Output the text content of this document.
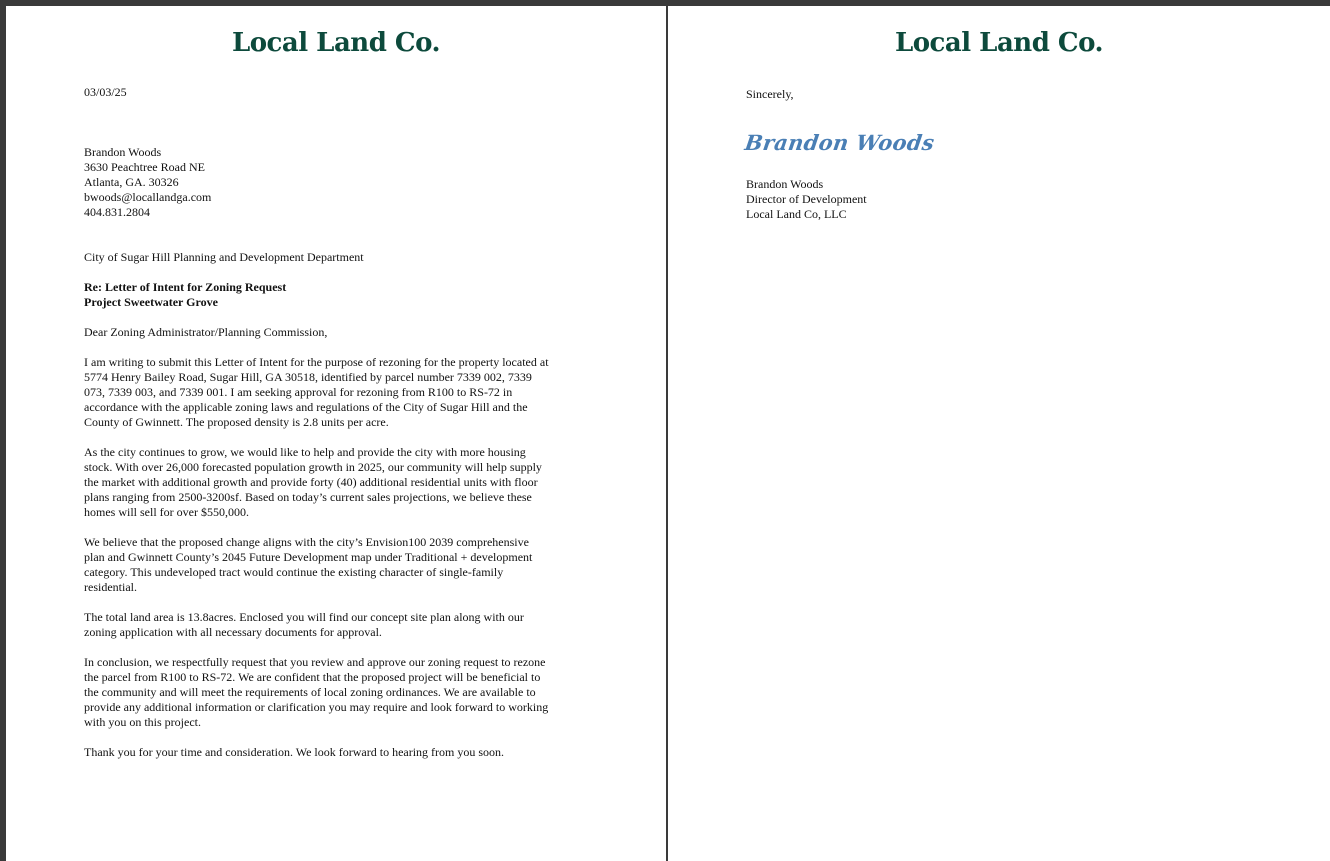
Local Land Co.
03/03/25
Brandon Woods
3630 Peachtree Road NE
Atlanta, GA. 30326
bwoods@locallandga.com
404.831.2804
City of Sugar Hill Planning and Development Department
Re: Letter of Intent for Zoning Request
Project Sweetwater Grove
Dear Zoning Administrator/Planning Commission,
I am writing to submit this Letter of Intent for the purpose of rezoning for the property located at
5774 Henry Bailey Road, Sugar Hill, GA 30518, identified by parcel number 7339 002, 7339
073, 7339 003, and 7339 001. I am seeking approval for rezoning from R100 to RS-72 in
accordance with the applicable zoning laws and regulations of the City of Sugar Hill and the
County of Gwinnett. The proposed density is 2.8 units per acre.
As the city continues to grow, we would like to help and provide the city with more housing
stock. With over 26,000 forecasted population growth in 2025, our community will help supply
the market with additional growth and provide forty (40) additional residential units with floor
plans ranging from 2500-3200sf. Based on today’s current sales projections, we believe these
homes will sell for over $550,000.
We believe that the proposed change aligns with the city’s Envision100 2039 comprehensive
plan and Gwinnett County’s 2045 Future Development map under Traditional + development
category. This undeveloped tract would continue the existing character of single-family
residential.
The total land area is 13.8acres. Enclosed you will find our concept site plan along with our
zoning application with all necessary documents for approval.
In conclusion, we respectfully request that you review and approve our zoning request to rezone
the parcel from R100 to RS-72. We are confident that the proposed project will be beneficial to
the community and will meet the requirements of local zoning ordinances. We are available to
provide any additional information or clarification you may require and look forward to working
with you on this project.
Thank you for your time and consideration. We look forward to hearing from you soon.
Local Land Co.
Sincerely,
Brandon Woods
Brandon Woods
Director of Development
Local Land Co, LLC
